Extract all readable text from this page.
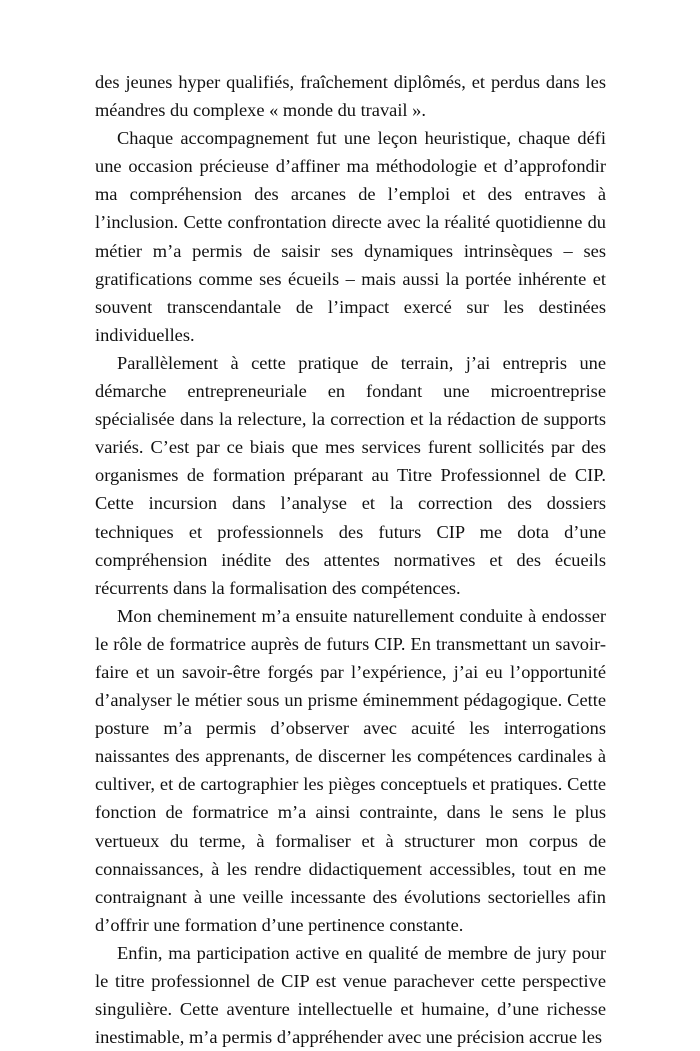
des jeunes hyper qualifiés, fraîchement diplômés, et perdus dans les méandres du complexe « monde du travail ».

Chaque accompagnement fut une leçon heuristique, chaque défi une occasion précieuse d’affiner ma méthodologie et d’approfondir ma compréhension des arcanes de l’emploi et des entraves à l’inclusion. Cette confrontation directe avec la réalité quotidienne du métier m’a permis de saisir ses dynamiques intrinsèques – ses gratifications comme ses écueils – mais aussi la portée inhérente et souvent transcendantale de l’impact exercé sur les destinées individuelles.

Parallèlement à cette pratique de terrain, j’ai entrepris une démarche entrepreneuriale en fondant une microentreprise spécialisée dans la relecture, la correction et la rédaction de supports variés. C’est par ce biais que mes services furent sollicités par des organismes de formation préparant au Titre Professionnel de CIP. Cette incursion dans l’analyse et la correction des dossiers techniques et professionnels des futurs CIP me dota d’une compréhension inédite des attentes normatives et des écueils récurrents dans la formalisation des compétences.

Mon cheminement m’a ensuite naturellement conduite à endosser le rôle de formatrice auprès de futurs CIP. En transmettant un savoir-faire et un savoir-être forgés par l’expérience, j’ai eu l’opportunité d’analyser le métier sous un prisme éminemment pédagogique. Cette posture m’a permis d’observer avec acuité les interrogations naissantes des apprenants, de discerner les compétences cardinales à cultiver, et de cartographier les pièges conceptuels et pratiques. Cette fonction de formatrice m’a ainsi contrainte, dans le sens le plus vertueux du terme, à formaliser et à structurer mon corpus de connaissances, à les rendre didactiquement accessibles, tout en me contraignant à une veille incessante des évolutions sectorielles afin d’offrir une formation d’une pertinence constante.

Enfin, ma participation active en qualité de membre de jury pour le titre professionnel de CIP est venue parachever cette perspective singulière. Cette aventure intellectuelle et humaine, d’une richesse inestimable, m’a permis d’appréhender avec une précision accrue les
